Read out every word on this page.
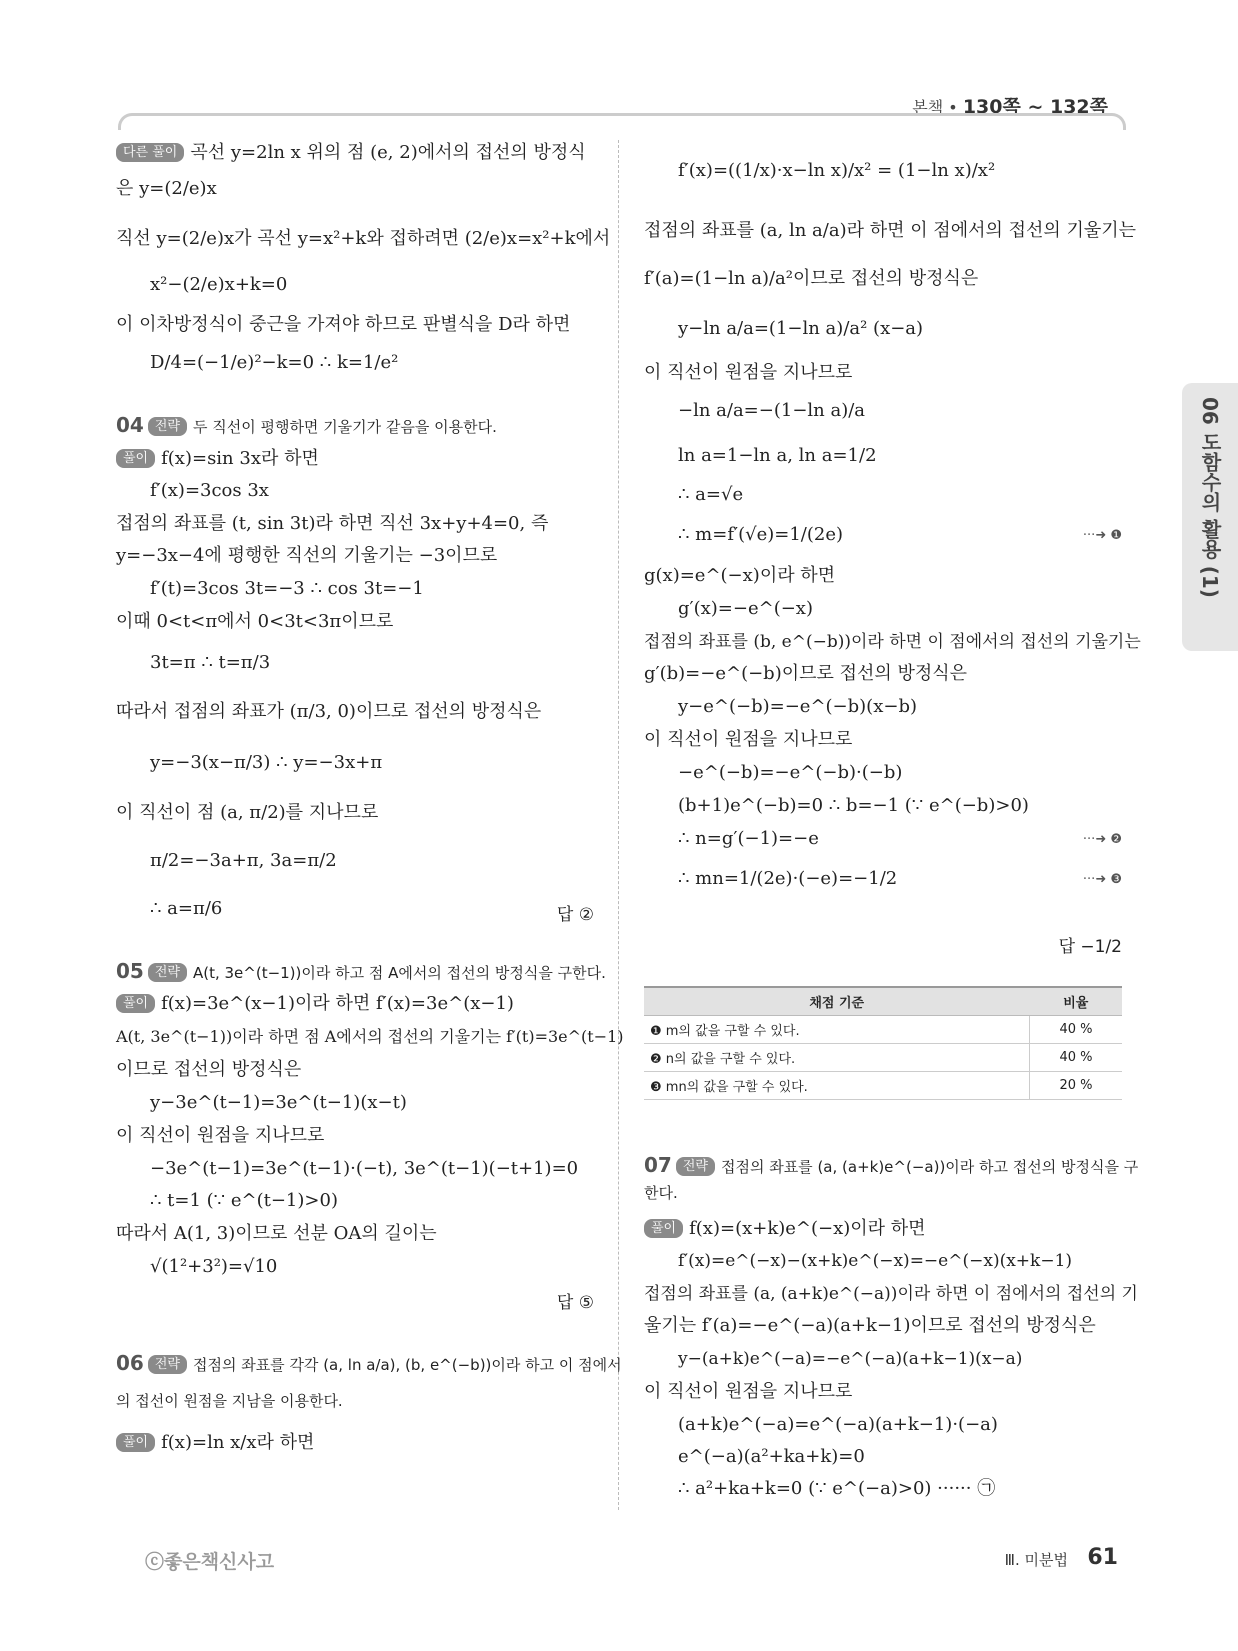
본책 • 130쪽 ~ 132쪽
다른 풀이 곡선 y=2ln x 위의 점 (e, 2)에서의 접선의 방정식
은 y=(2/e)x
직선 y=(2/e)x가 곡선 y=x²+k와 접하려면 (2/e)x=x²+k에서
x²−(2/e)x+k=0
이 이차방정식이 중근을 가져야 하므로 판별식을 D라 하면
D/4=(−1/e)²−k=0 ∴ k=1/e²
04 전략 두 직선이 평행하면 기울기가 같음을 이용한다.
풀이 f(x)=sin 3x라 하면
f′(x)=3cos 3x
접점의 좌표를 (t, sin 3t)라 하면 직선 3x+y+4=0, 즉
y=−3x−4에 평행한 직선의 기울기는 −3이므로
f′(t)=3cos 3t=−3 ∴ cos 3t=−1
이때 0<t<π에서 0<3t<3π이므로
3t=π ∴ t=π/3
따라서 접점의 좌표가 (π/3, 0)이므로 접선의 방정식은
y=−3(x−π/3) ∴ y=−3x+π
이 직선이 점 (a, π/2)를 지나므로
π/2=−3a+π, 3a=π/2
∴ a=π/6	답 ②
05 전략 A(t, 3e^(t−1))이라 하고 점 A에서의 접선의 방정식을 구한다.
풀이 f(x)=3e^(x−1)이라 하면 f′(x)=3e^(x−1)
A(t, 3e^(t−1))이라 하면 점 A에서의 접선의 기울기는 f′(t)=3e^(t−1)
이므로 접선의 방정식은
y−3e^(t−1)=3e^(t−1)(x−t)
이 직선이 원점을 지나므로
−3e^(t−1)=3e^(t−1)·(−t), 3e^(t−1)(−t+1)=0
∴ t=1 (∵ e^(t−1)>0)
따라서 A(1, 3)이므로 선분 OA의 길이는
√(1²+3²)=√10
답 ⑤
06 전략 접점의 좌표를 각각 (a, ln a/a), (b, e^(−b))이라 하고 이 점에서
의 접선이 원점을 지남을 이용한다.
풀이 f(x)=ln x/x라 하면
f′(x)=((1/x)·x−ln x)/x² = (1−ln x)/x²
접점의 좌표를 (a, ln a/a)라 하면 이 점에서의 접선의 기울기는
f′(a)=(1−ln a)/a²이므로 접선의 방정식은
y−ln a/a=(1−ln a)/a² (x−a)
이 직선이 원점을 지나므로
−ln a/a=−(1−ln a)/a
ln a=1−ln a, ln a=1/2
∴ a=√e
∴ m=f′(√e)=1/(2e)	···➜ ❶
g(x)=e^(−x)이라 하면
g′(x)=−e^(−x)
접점의 좌표를 (b, e^(−b))이라 하면 이 점에서의 접선의 기울기는
g′(b)=−e^(−b)이므로 접선의 방정식은
y−e^(−b)=−e^(−b)(x−b)
이 직선이 원점을 지나므로
−e^(−b)=−e^(−b)·(−b)
(b+1)e^(−b)=0 ∴ b=−1 (∵ e^(−b)>0)
∴ n=g′(−1)=−e	···➜ ❷
∴ mn=1/(2e)·(−e)=−1/2	···➜ ❸
답 −1/2
채점 기준	비율
❶ m의 값을 구할 수 있다.	40 %
❷ n의 값을 구할 수 있다.	40 %
❸ mn의 값을 구할 수 있다.	20 %
07 전략 접점의 좌표를 (a, (a+k)e^(−a))이라 하고 접선의 방정식을 구
한다.
풀이 f(x)=(x+k)e^(−x)이라 하면
f′(x)=e^(−x)−(x+k)e^(−x)=−e^(−x)(x+k−1)
접점의 좌표를 (a, (a+k)e^(−a))이라 하면 이 점에서의 접선의 기
울기는 f′(a)=−e^(−a)(a+k−1)이므로 접선의 방정식은
y−(a+k)e^(−a)=−e^(−a)(a+k−1)(x−a)
이 직선이 원점을 지나므로
(a+k)e^(−a)=e^(−a)(a+k−1)·(−a)
e^(−a)(a²+ka+k)=0
∴ a²+ka+k=0 (∵ e^(−a)>0) ······ ㉠
06 도함수의 활용 (1)
ⓒ좋은책신사고	Ⅲ. 미분법 61
